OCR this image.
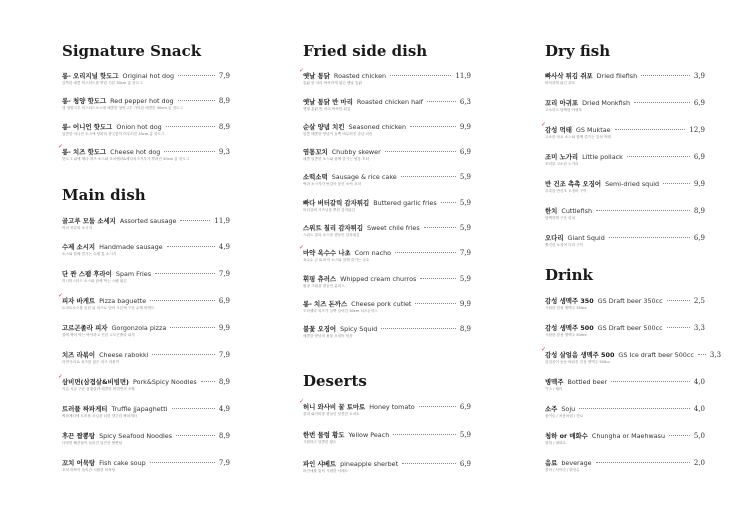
Signature Snack
롱- 오리지널 핫도그 Original hot dog	7,9
길쭉한 매콤 머스터드를 뿌린 기본 30cm 롱 핫도그
롱- 청양 핫도그 Red pepper hot dog	8,9
맵 청양고추 머스터드소스에 매콤한 청양고추 가미된 매콤한 30cm 롱 핫도그
롱- 어니언 핫도그 Onion hot dog	8,9
달콤한 어니언 소스에 양파의 향긋함이 어우러진 30cm 롱 핫도그
✓
롱- 치즈 핫도그 Cheese hot dog	9,3
핫도그 위에 체다 치즈 소스와 모차렐라&체다치즈가루가 뿌려진 30cm 롱 핫도그
Main dish
골고루 모둠 소세지 Assorted sausage	11,9
여러 종류의 소시지
수제 소시지 Handmade sausage	4,9
소스와 함께 즐기는 수제 통 소시지
단 짠 스팸 후라이 Spam Fries	7,9
허니머스터드 소스와 함께 먹는 스팸 튀김
✓
피자 바게트 Pizza baguette	6,9
토마토소스를 올린 위 치즈로 덮어 오븐에 구운 수제 바게트
고르곤졸라 피자 Gorgonzola pizza	9,9
꿀에 찍어 먹는 바삭하고 진한 고르곤졸라 피자
치즈 라볶이 Cheese rabokki	7,9
라면사리 & 치즈를 얹은 치즈 라볶이
✓
삼비면(삼겹살&비빔면) Pork&Spicy Noodles	8,9
지글 지글 구운 삼겹살과 매콤한 비빔면의 조합
트러플 짜파게티 Truffle jjapaghetti	4,9
짜파게티에 트러플 오일을 더한 향긋한 짜파게티
후끈 짬뽕탕 Spicy Seafood Noodles	8,9
다양한 해산물이 들어간 얼큰한 짬뽕탕
꼬치 어묵탕 Fish cake soup	7,9
꼬치 어묵이 들어간 시원한 어묵탕
Fried side dish
✓
옛날 통닭 Roasted chicken	11,9
통닭 한 마리 바삭하게 튀긴 옛날 통닭
옛날 통닭 반 마리 Roasted chicken half	6,3
옛날 통닭 반 마리 바삭한 튀김
순살 양념 치킨 Seasoned chicken	9,9
달콤 매콤한 양념이 듬뿍 버무려진 순살 치킨
염통꼬치 Chubby skewer	6,9
매콤 달콤한 소스와 함께 즐기는 염통 꼬치
소떡소떡 Sausage & rice cake	5,9
떡과 소시지가 번갈아 꽂힌 소떡 꼬치
빠다 버터갈릭 감자튀김 Buttered garlic fries	5,9
버터갈릭 시즈닝을 뿌린 감자튀김
스위트 칠리 감자튀김 Sweet chile fries	5,9
스위트 칠리 소스를 곁들인 감자튀김
✓
마약 옥수수 나초 Corn nacho	7,9
옥수수 콘 & 마약 소스와 함께 즐기는 나초
휘핑 츄러스 Whipped cream churros	5,9
휘핑 크림을 곁들인 츄러스
롱- 치즈 돈까스 Cheese pork cutlet	9,9
모차렐라 치즈가 듬뿍 들어간 30cm 치즈돈까스
불꽃 오징어 Spicy Squid	8,9
매콤한 양념의 불꽃 오징어 볶음
Deserts
✓
허니 와사비 꿀 토마토 Honey tomato	6,9
꿀과 와사비를 곁들인 달콤한 토마토
한번 물렁 황도 Yellow Peach	5,9
시원하고 달콤한 황도
파인 샤베트 pineapple sherbet	6,9
파인애플 맛의 시원한 샤베트
Dry fish
빠사삭 튀김 쥐포 Dried filefish	3,9
바삭하게 튀긴 쥐포
꼬리 아귀포 Dried Monkfish	6,9
고소하고 담백한 아귀포
✓
감성 먹태 GS Muktae	12,9
고소한 마요 소스와 함께 즐기는 감성 먹태
조미 노가리 Little pollack	6,9
조미된 고소한 노가리
반 건조 촉촉 오징어 Semi-dried squid	9,9
촉촉한 반건조 오징어 구이
한치 Cuttlefish	8,9
담백하게 구운 한치
오다리 Giant Squid	6,9
쫄깃한 오징어 다리 구이
Drink
감성 생맥주 350 GS Draft beer 350cc	2,5
시원한 감성 생맥주 350cc
감성 생맥주 500 GS Draft beer 500cc	3,3
시원한 감성 생맥주 500cc
✓
감성 살얼음 생맥주 500 GS Ice draft beer 500cc 3,3
살얼음이 동동 띄워진 감성 생맥주 500cc
병맥주 Bottled beer	4,0
카스 / 테라
소주 Soju	4,0
참이슬 / 처음처럼 / 진로
청하 or 매화수 Chungha or Maehwasu	5,0
청하 / 매화수
음료 beverage	2,0
콜라 / 사이다 / 탄산수
